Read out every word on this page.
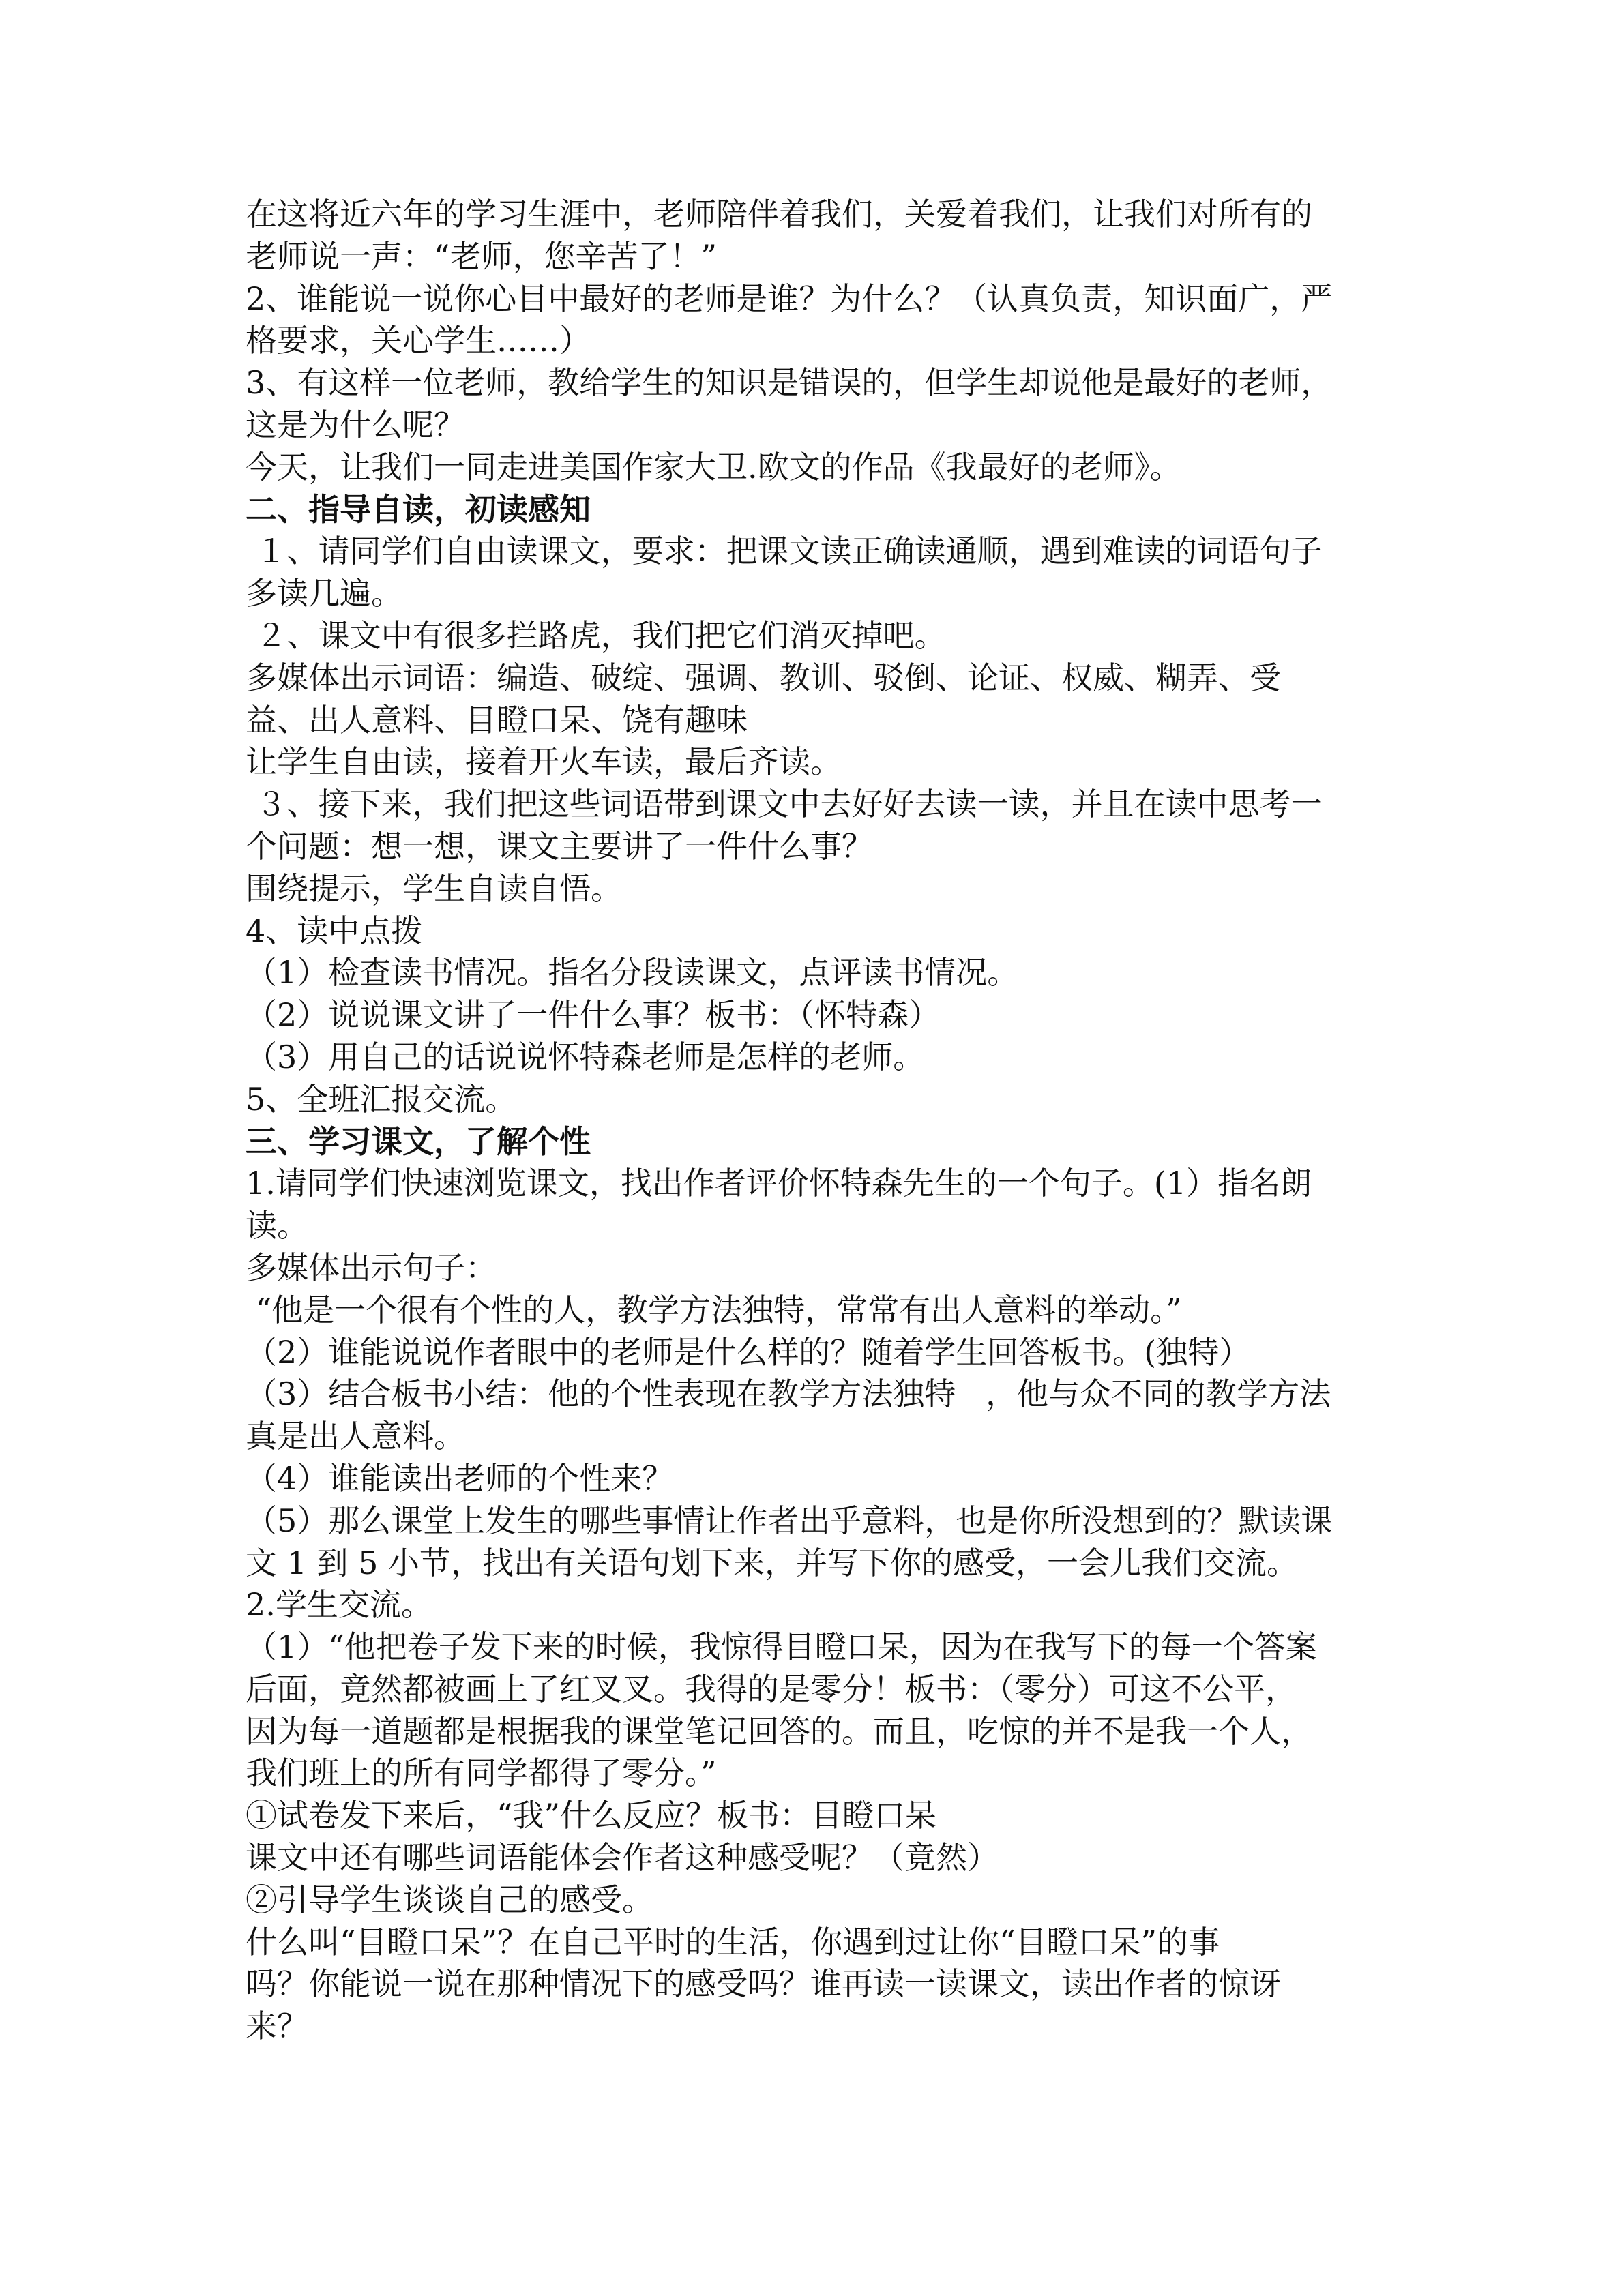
在这将近六年的学习生涯中，老师陪伴着我们，关爱着我们，让我们对所有的
老师说一声：“老师，您辛苦了！”
2、谁能说一说你心目中最好的老师是谁？为什么？（认真负责，知识面广，严
格要求，关心学生……）
3、有这样一位老师，教给学生的知识是错误的，但学生却说他是最好的老师，
这是为什么呢？
今天，让我们一同走进美国作家大卫.欧文的作品《我最好的老师》。
二、指导自读，初读感知
１、请同学们自由读课文，要求：把课文读正确读通顺，遇到难读的词语句子
多读几遍。
２、课文中有很多拦路虎，我们把它们消灭掉吧。
多媒体出示词语：编造、破绽、强调、教训、驳倒、论证、权威、糊弄、受
益、出人意料、目瞪口呆、饶有趣味
让学生自由读，接着开火车读，最后齐读。
３、接下来，我们把这些词语带到课文中去好好去读一读，并且在读中思考一
个问题：想一想，课文主要讲了一件什么事？
围绕提示，学生自读自悟。
4、读中点拨
（1）检查读书情况。指名分段读课文，点评读书情况。
（2）说说课文讲了一件什么事？板书：（怀特森）
（3）用自己的话说说怀特森老师是怎样的老师。
5、全班汇报交流。
三、学习课文，了解个性
1.请同学们快速浏览课文，找出作者评价怀特森先生的一个句子。(1）指名朗
读。
多媒体出示句子：
“他是一个很有个性的人，教学方法独特，常常有出人意料的举动。”
（2）谁能说说作者眼中的老师是什么样的？随着学生回答板书。(独特）
（3）结合板书小结：他的个性表现在教学方法独特   ，他与众不同的教学方法
真是出人意料。
（4）谁能读出老师的个性来？
（5）那么课堂上发生的哪些事情让作者出乎意料，也是你所没想到的？默读课
文 1 到 5 小节，找出有关语句划下来，并写下你的感受，一会儿我们交流。
2.学生交流。
（1）“他把卷子发下来的时候，我惊得目瞪口呆，因为在我写下的每一个答案
后面，竟然都被画上了红叉叉。我得的是零分！板书：（零分）可这不公平，
因为每一道题都是根据我的课堂笔记回答的。而且，吃惊的并不是我一个人，
我们班上的所有同学都得了零分。”
①试卷发下来后，“我”什么反应？板书：目瞪口呆
课文中还有哪些词语能体会作者这种感受呢？（竟然）
②引导学生谈谈自己的感受。
什么叫“目瞪口呆”？在自己平时的生活，你遇到过让你“目瞪口呆”的事
吗？你能说一说在那种情况下的感受吗？谁再读一读课文，读出作者的惊讶
来？
